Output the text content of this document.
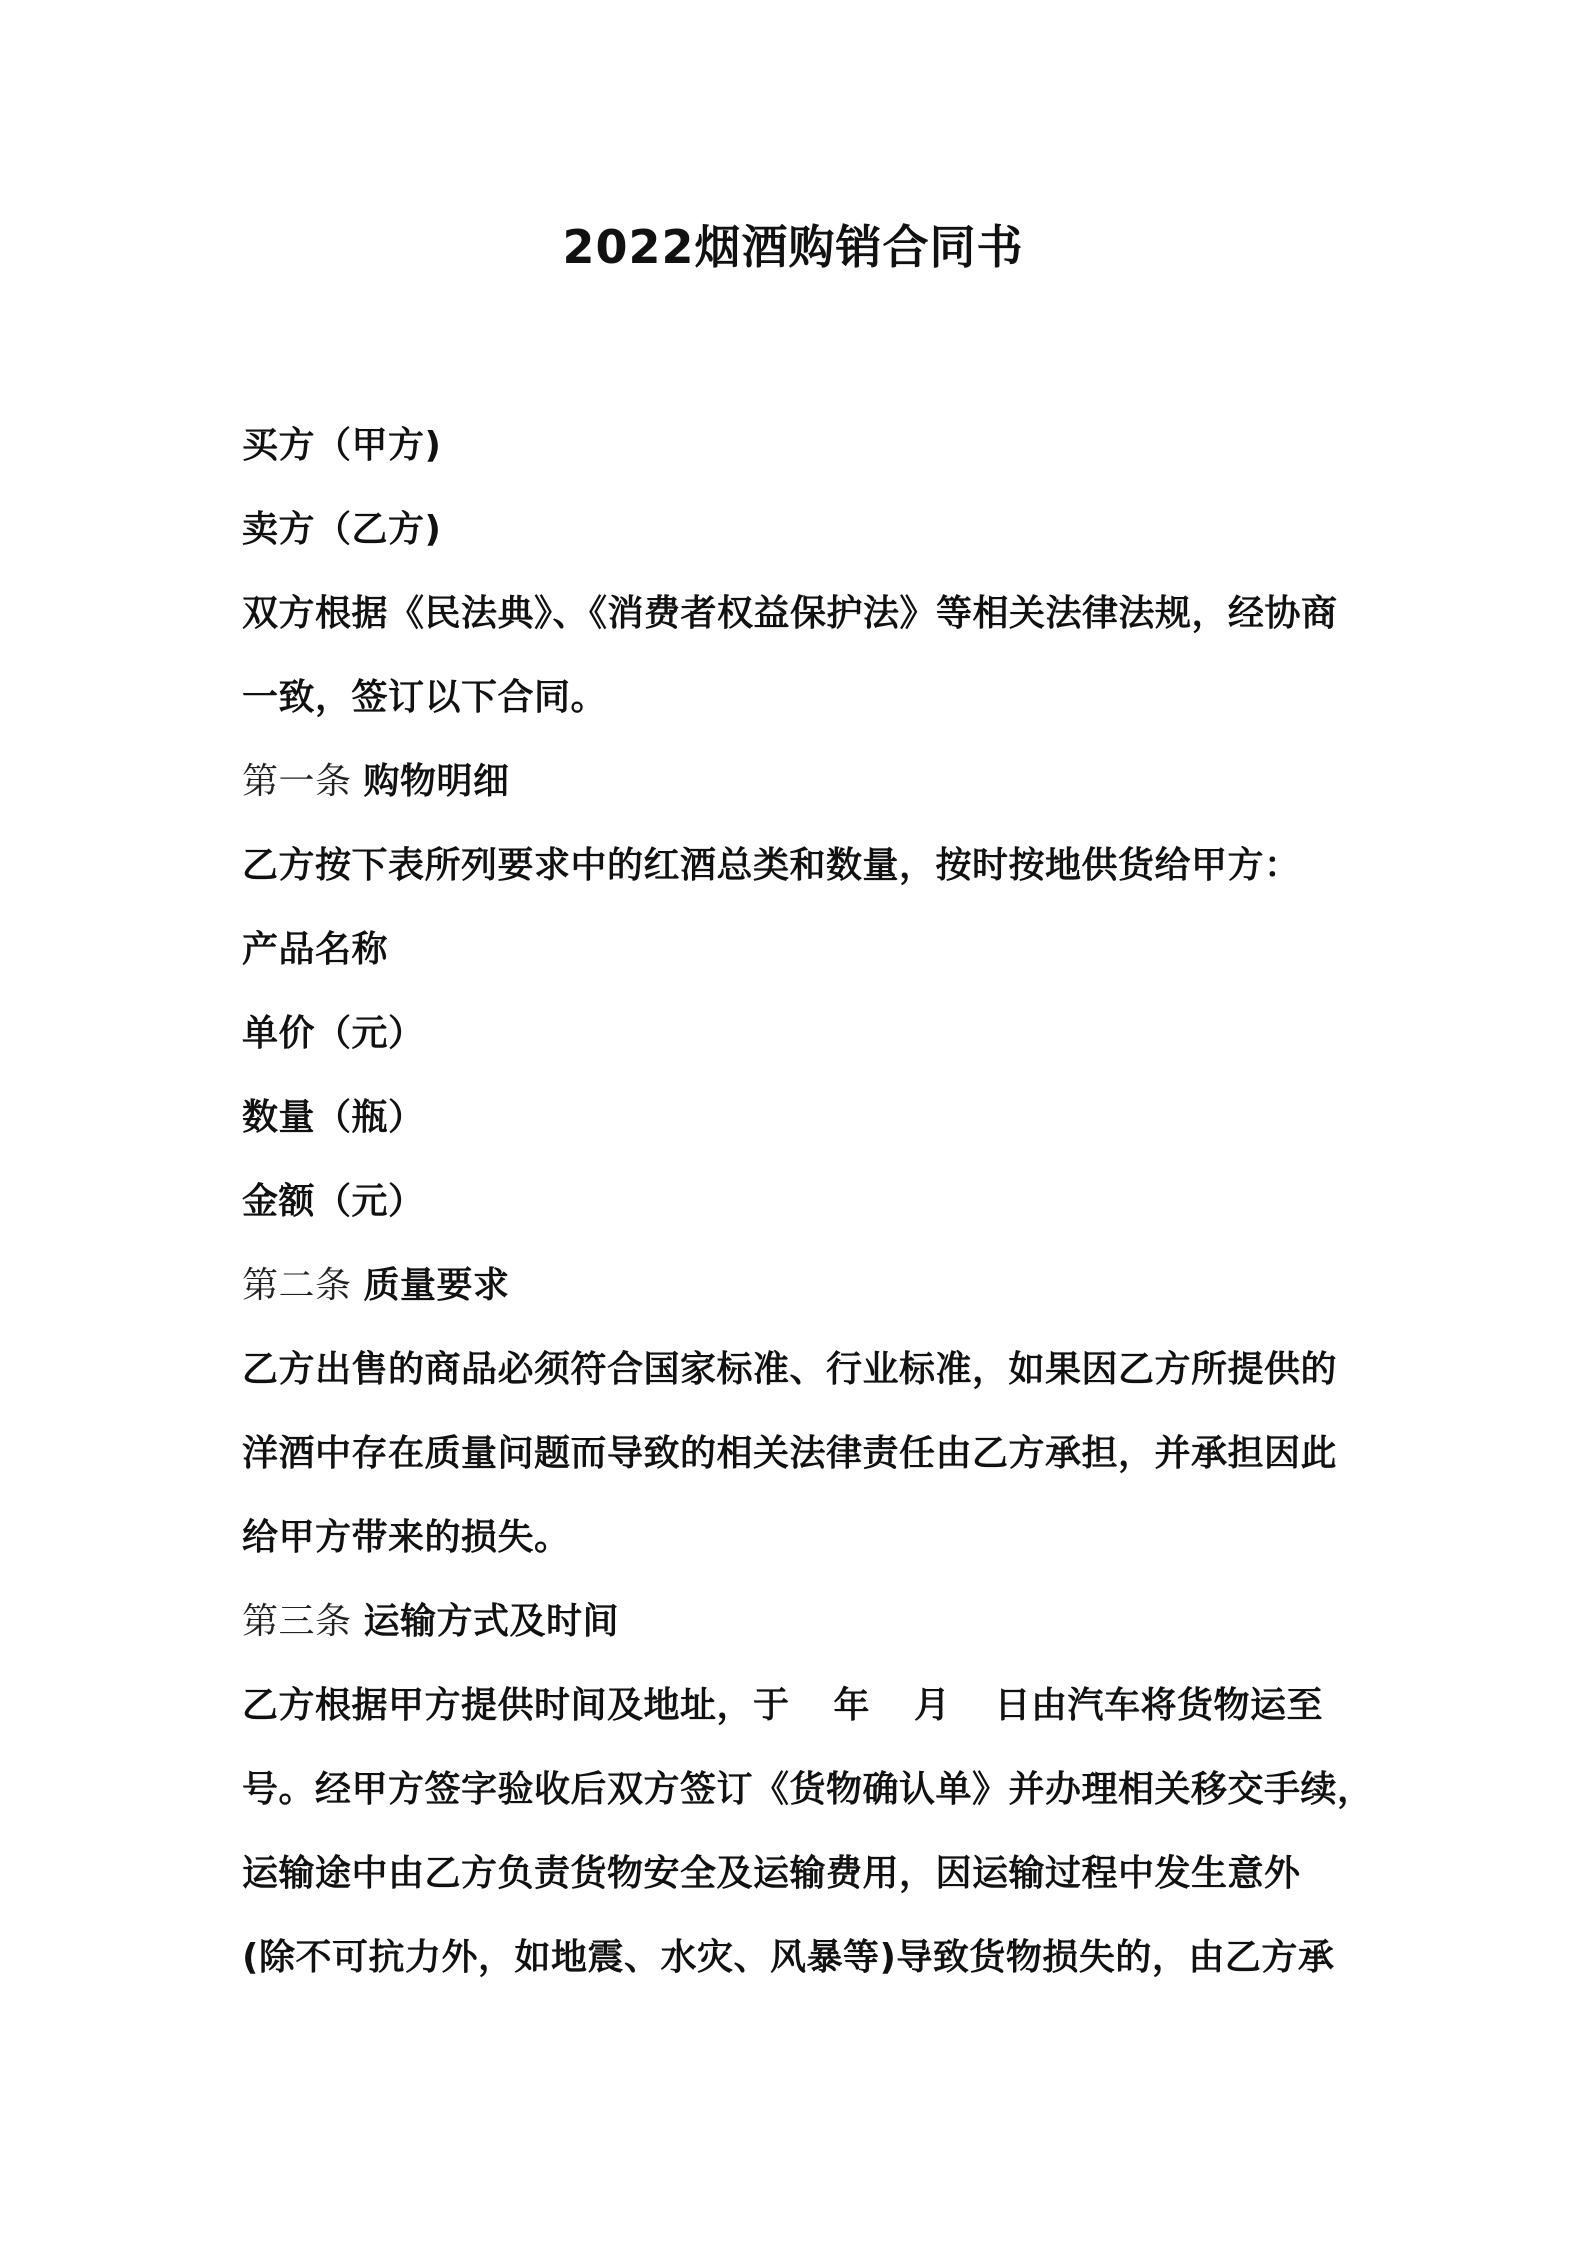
2022烟酒购销合同书
买方（甲方)
卖方（乙方)
双方根据《民法典》、《消费者权益保护法》等相关法律法规，经协商
一致，签订以下合同。
第一条 购物明细
乙方按下表所列要求中的红酒总类和数量，按时按地供货给甲方：
产品名称
单价（元）
数量（瓶）
金额（元）
第二条 质量要求
乙方出售的商品必须符合国家标准、行业标准，如果因乙方所提供的
洋酒中存在质量问题而导致的相关法律责任由乙方承担，并承担因此
给甲方带来的损失。
第三条 运输方式及时间
乙方根据甲方提供时间及地址，于 年 月 日由汽车将货物运至
号。经甲方签字验收后双方签订《货物确认单》并办理相关移交手续，
运输途中由乙方负责货物安全及运输费用，因运输过程中发生意外
(除不可抗力外，如地震、水灾、风暴等)导致货物损失的，由乙方承
